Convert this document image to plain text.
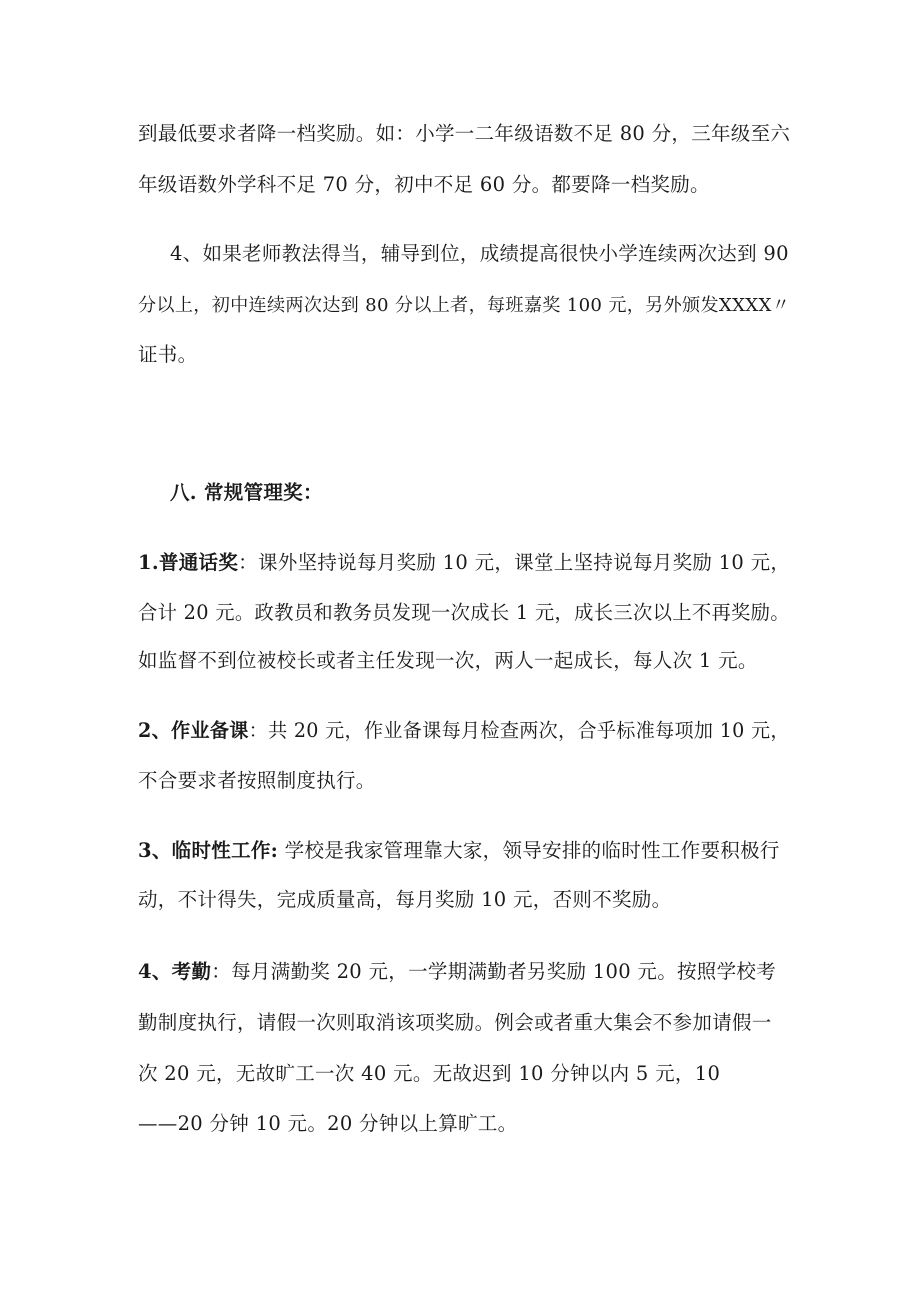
到最低要求者降一档奖励。如：小学一二年级语数不足 80 分，三年级至六
年级语数外学科不足 70 分，初中不足 60 分。都要降一档奖励。
4、如果老师教法得当，辅导到位，成绩提高很快小学连续两次达到 90
分以上，初中连续两次达到 80 分以上者，每班嘉奖 100 元，另外颁发XXXX〃
证书。
八. 常规管理奖：
1.普通话奖：课外坚持说每月奖励 10 元，课堂上坚持说每月奖励 10 元，
合计 20 元。政教员和教务员发现一次成长 1 元，成长三次以上不再奖励。
如监督不到位被校长或者主任发现一次，两人一起成长，每人次 1 元。
2、作业备课：共 20 元，作业备课每月检查两次，合乎标准每项加 10 元，
不合要求者按照制度执行。
3、临时性工作: 学校是我家管理靠大家，领导安排的临时性工作要积极行
动，不计得失，完成质量高，每月奖励 10 元，否则不奖励。
4、考勤：每月满勤奖 20 元，一学期满勤者另奖励 100 元。按照学校考
勤制度执行，请假一次则取消该项奖励。例会或者重大集会不参加请假一
次 20 元，无故旷工一次 40 元。无故迟到 10 分钟以内 5 元，10
——20 分钟 10 元。20 分钟以上算旷工。
